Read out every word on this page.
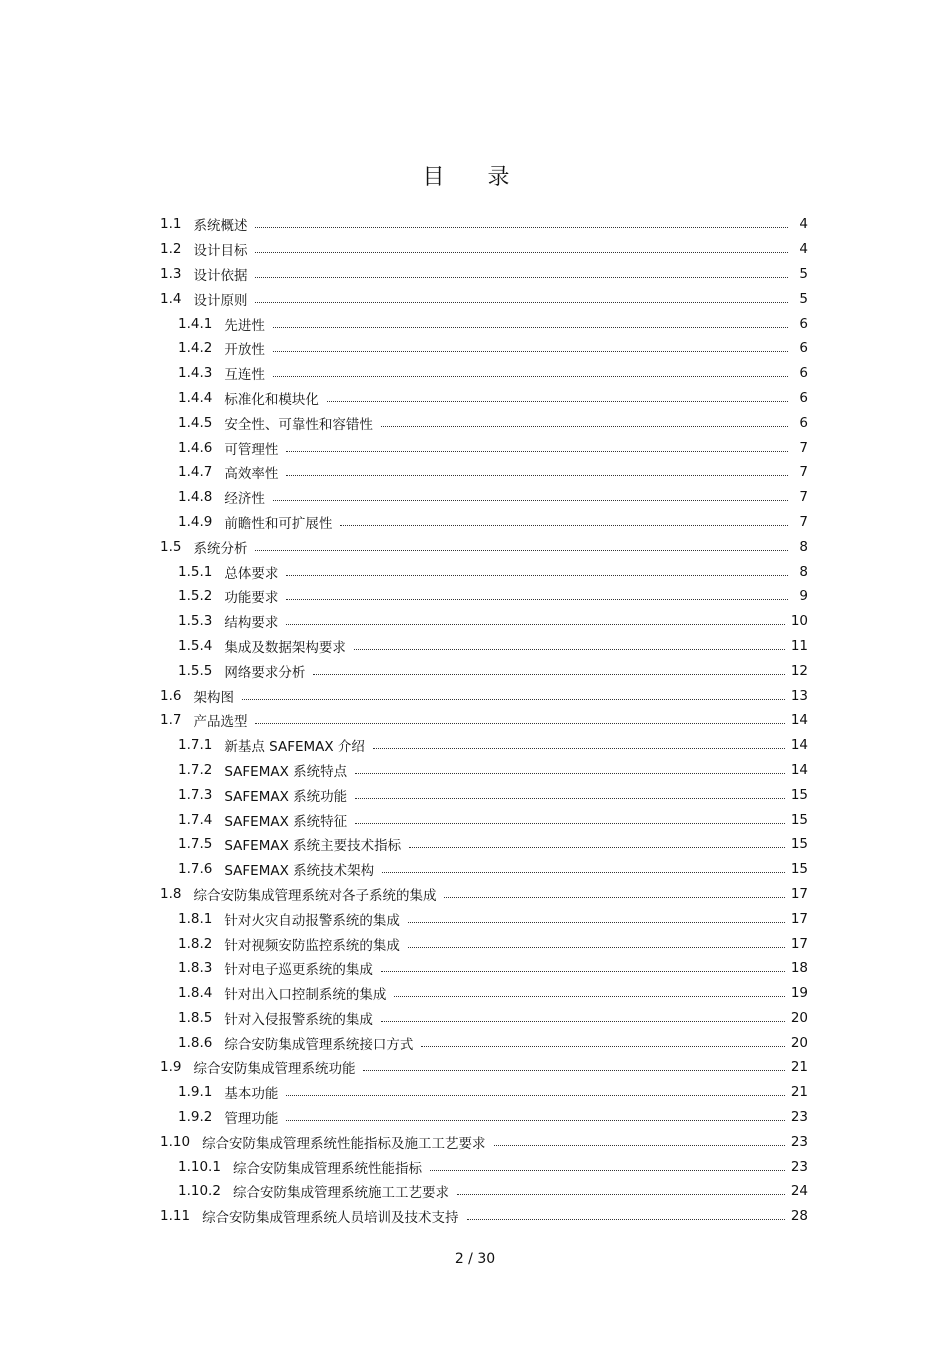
目 录
1.1 系统概述	4
1.2 设计目标	4
1.3 设计依据	5
1.4 设计原则	5
1.4.1 先进性	6
1.4.2 开放性	6
1.4.3 互连性	6
1.4.4 标准化和模块化	6
1.4.5 安全性、可靠性和容错性	6
1.4.6 可管理性	7
1.4.7 高效率性	7
1.4.8 经济性	7
1.4.9 前瞻性和可扩展性	7
1.5 系统分析	8
1.5.1 总体要求	8
1.5.2 功能要求	9
1.5.3 结构要求	10
1.5.4 集成及数据架构要求	11
1.5.5 网络要求分析	12
1.6 架构图	13
1.7 产品选型	14
1.7.1 新基点 SAFEMAX 介绍	14
1.7.2 SAFEMAX 系统特点	14
1.7.3 SAFEMAX 系统功能	15
1.7.4 SAFEMAX 系统特征	15
1.7.5 SAFEMAX 系统主要技术指标	15
1.7.6 SAFEMAX 系统技术架构	15
1.8 综合安防集成管理系统对各子系统的集成	17
1.8.1 针对火灾自动报警系统的集成	17
1.8.2 针对视频安防监控系统的集成	17
1.8.3 针对电子巡更系统的集成	18
1.8.4 针对出入口控制系统的集成	19
1.8.5 针对入侵报警系统的集成	20
1.8.6 综合安防集成管理系统接口方式	20
1.9 综合安防集成管理系统功能	21
1.9.1 基本功能	21
1.9.2 管理功能	23
1.10 综合安防集成管理系统性能指标及施工工艺要求	23
1.10.1 综合安防集成管理系统性能指标	23
1.10.2 综合安防集成管理系统施工工艺要求	24
1.11 综合安防集成管理系统人员培训及技术支持	28
2 / 30
